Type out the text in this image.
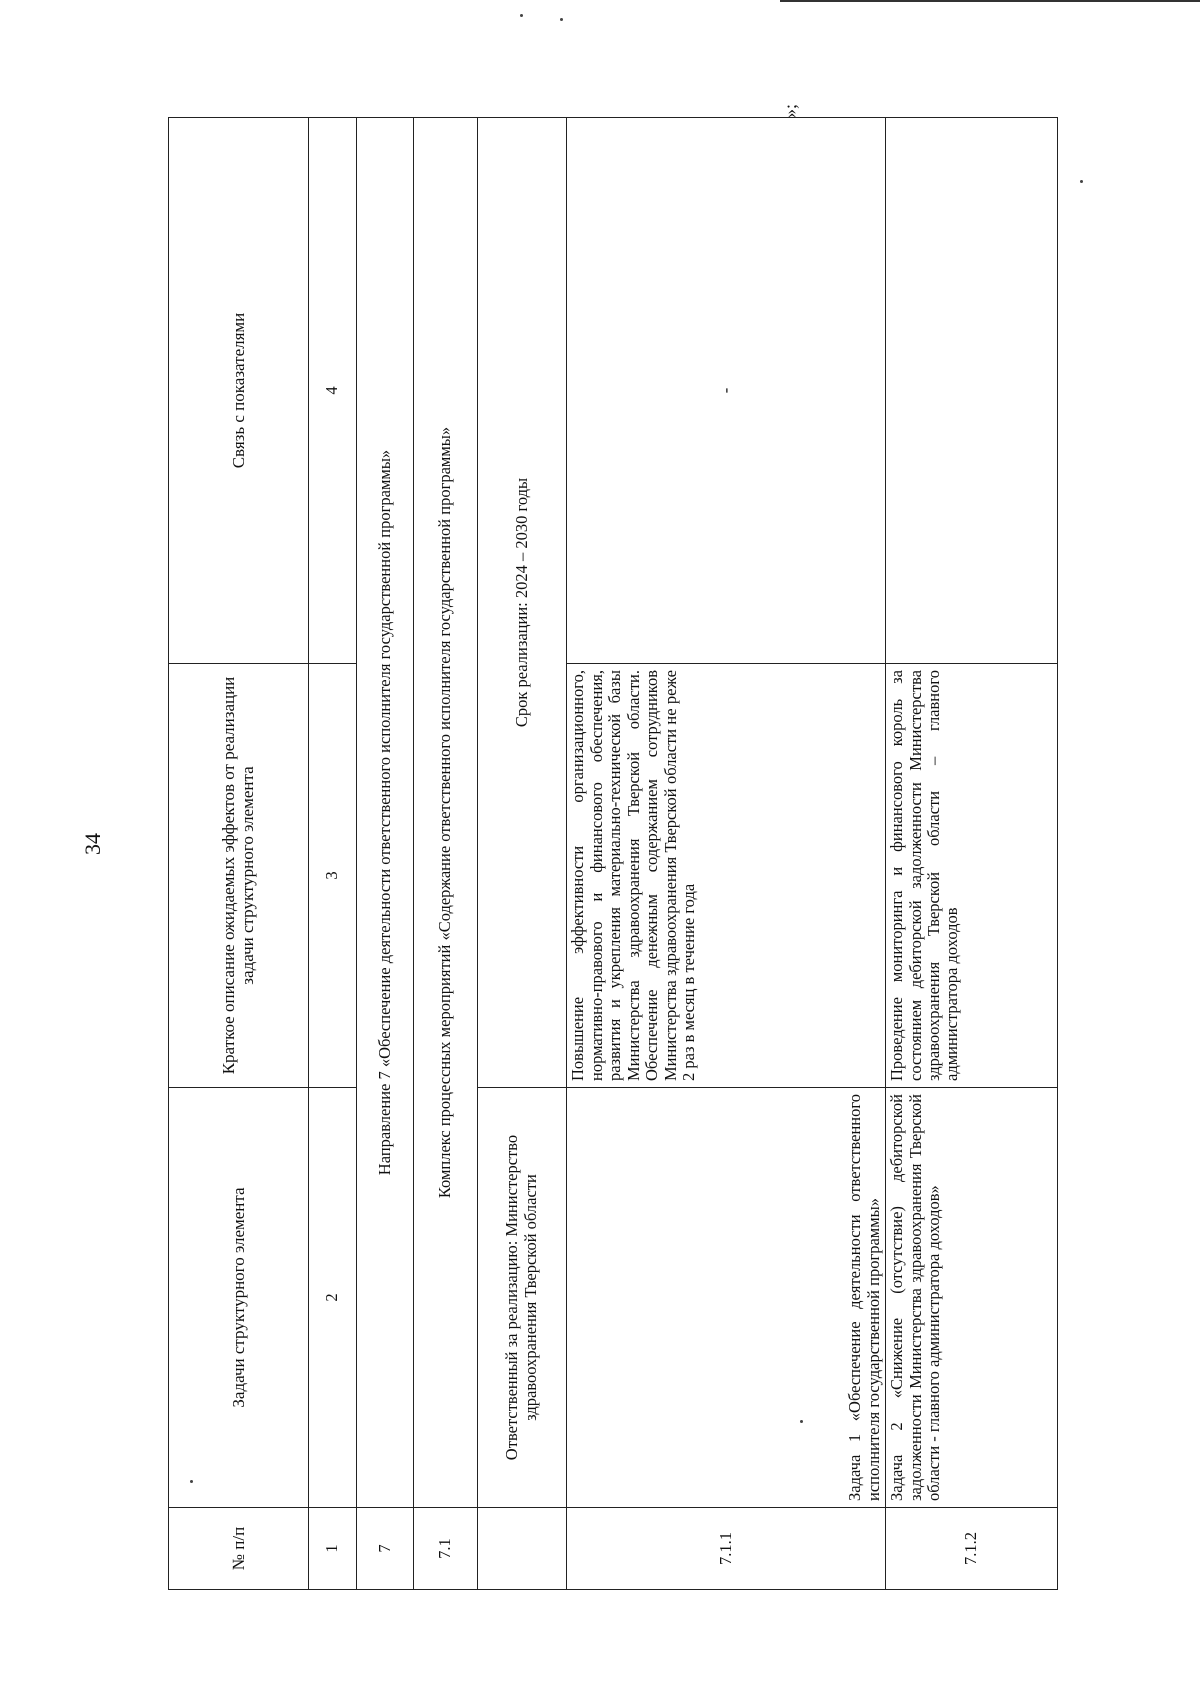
34
»;
№ п/п	Задачи структурного элемента	Краткое описание ожидаемых эффектов от реализации задачи структурного элемента	Связь с показателями
1	2	3	4
7	Направление 7 «Обеспечение деятельности ответственного исполнителя государственной программы»		
7.1	Комплекс процессных мероприятий «Содержание ответственного исполнителя государственной программы»		
	Ответственный за реализацию: Министерство здравоохранения Тверской области	Срок реализации: 2024 – 2030 годы	
7.1.1	Задача 1 «Обеспечение деятельности ответственного исполнителя государственной программы»	Повышение эффективности организационного, нормативно-правового и финансового обеспечения, развития и укрепления материально-технической базы Министерства здравоохранения Тверской области. Обеспечение денежным содержанием сотрудников Министерства здравоохранения Тверской области не реже 2 раз в месяц в течение года	-
7.1.2	Задача 2 «Снижение (отсутствие) дебиторской задолженности Министерства здравоохранения Тверской области - главного администратора доходов»	Проведение мониторинга и финансового король за состоянием дебиторской задолженности Министерства здравоохранения Тверской области – главного администратора доходов	
